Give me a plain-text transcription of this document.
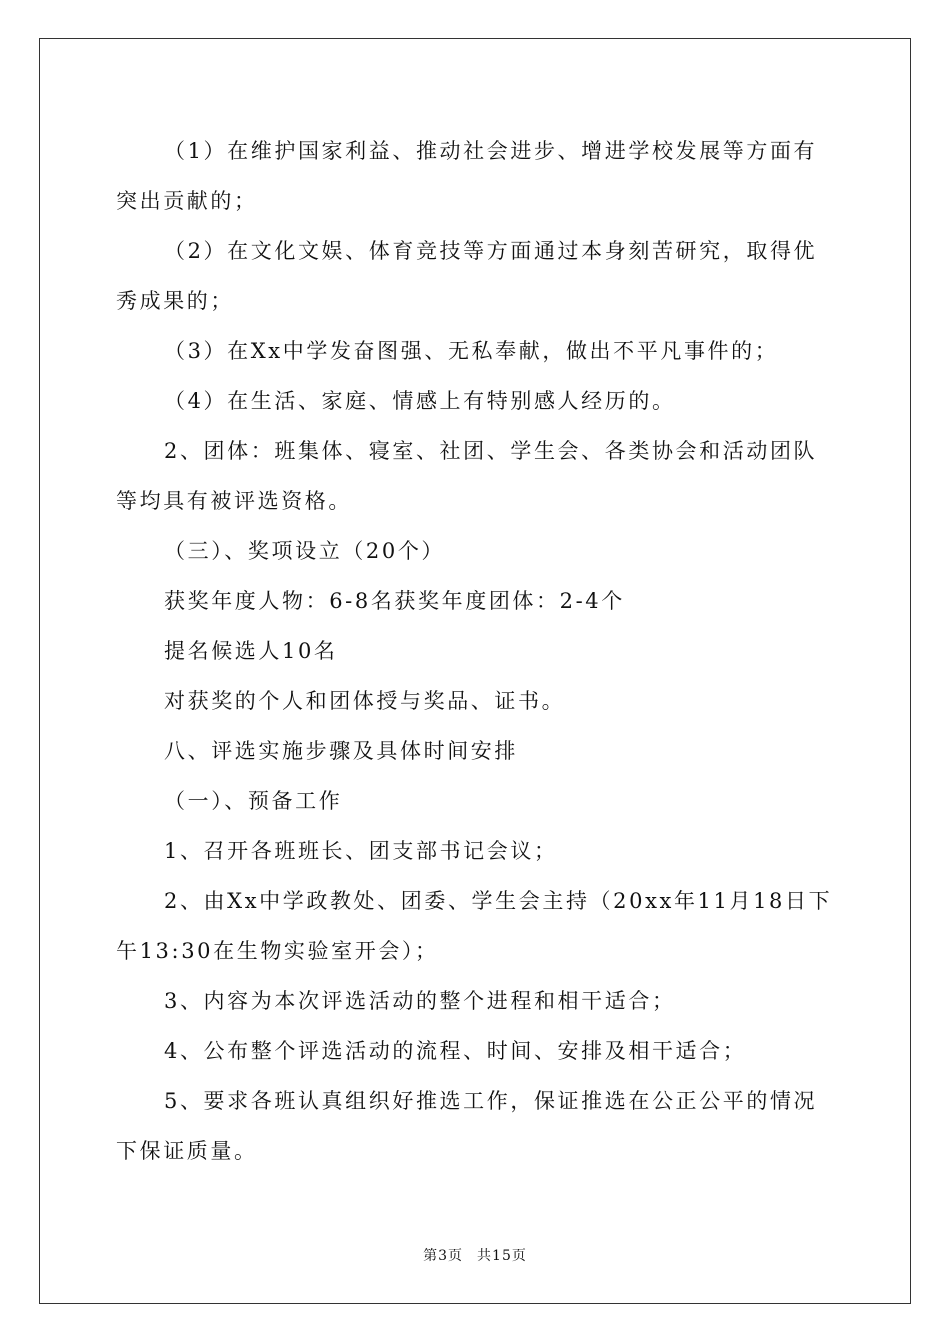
（1）在维护国家利益、推动社会进步、增进学校发展等方面有突出贡献的；

（2）在文化文娱、体育竞技等方面通过本身刻苦研究，取得优秀成果的；

（3）在Xx中学发奋图强、无私奉献，做出不平凡事件的；

（4）在生活、家庭、情感上有特别感人经历的。

2、团体：班集体、寝室、社团、学生会、各类协会和活动团队等均具有被评选资格。

（三）、奖项设立（20个）

获奖年度人物：6-8名获奖年度团体：2-4个

提名候选人10名

对获奖的个人和团体授与奖品、证书。

八、评选实施步骤及具体时间安排

（一）、预备工作

1、召开各班班长、团支部书记会议；

2、由Xx中学政教处、团委、学生会主持（20xx年11月18日下午13:30在生物实验室开会）；

3、内容为本次评选活动的整个进程和相干适合；

4、公布整个评选活动的流程、时间、安排及相干适合；

5、要求各班认真组织好推选工作，保证推选在公正公平的情况下保证质量。

第3页 共15页
